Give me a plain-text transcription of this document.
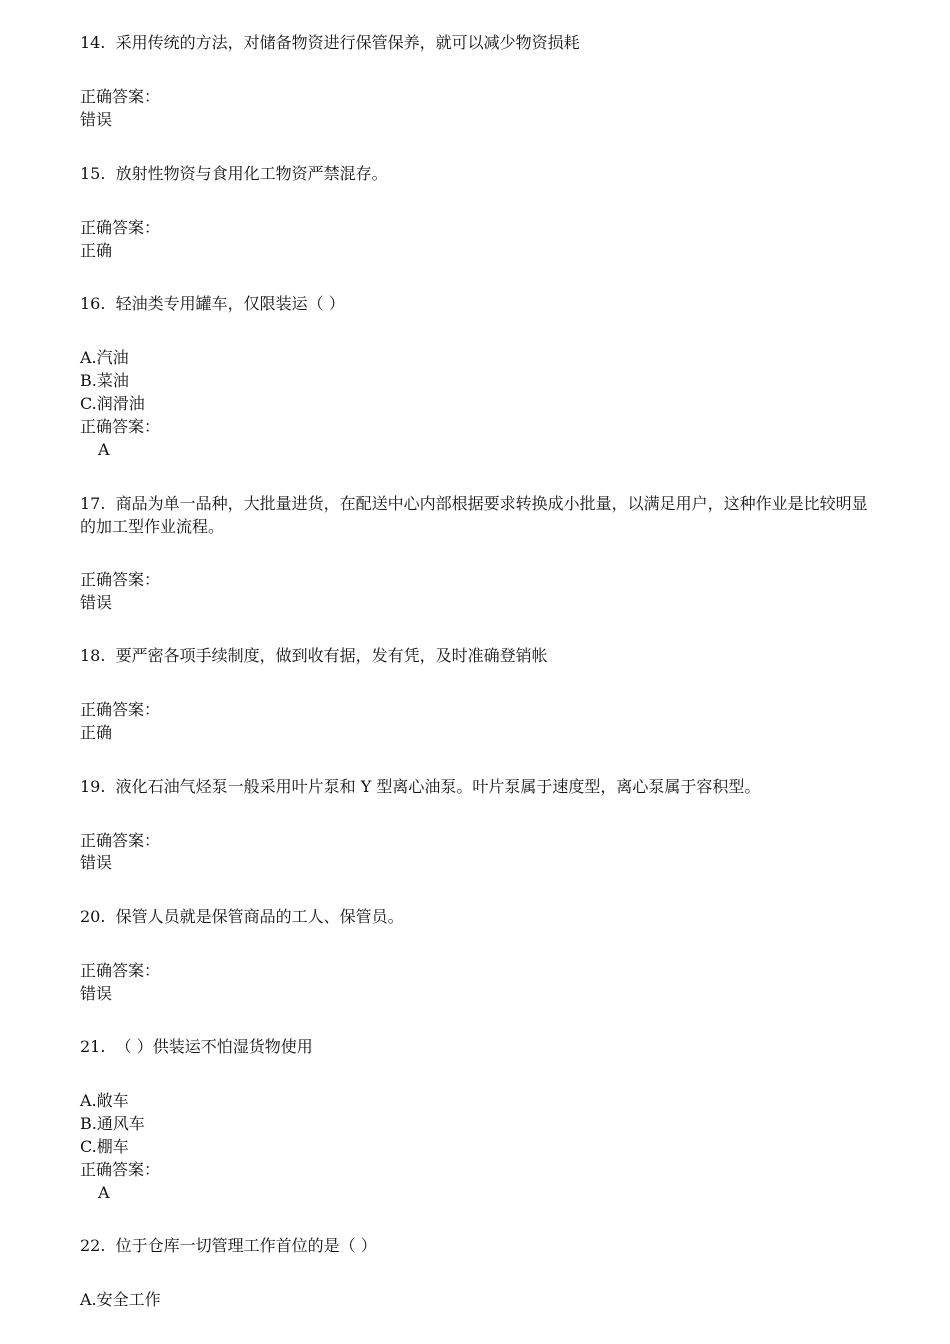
14. 采用传统的方法，对储备物资进行保管保养，就可以减少物资损耗
正确答案：
错误
15. 放射性物资与食用化工物资严禁混存。
正确答案：
正确
16. 轻油类专用罐车，仅限装运（ ）
A.汽油
B.菜油
C.润滑油
正确答案：
A
17. 商品为单一品种，大批量进货，在配送中心内部根据要求转换成小批量，以满足用户，这种作业是比较明显的加工型作业流程。
正确答案：
错误
18. 要严密各项手续制度，做到收有据，发有凭，及时准确登销帐
正确答案：
正确
19. 液化石油气烃泵一般采用叶片泵和 Y 型离心油泵。叶片泵属于速度型，离心泵属于容积型。
正确答案：
错误
20. 保管人员就是保管商品的工人、保管员。
正确答案：
错误
21. （ ）供装运不怕湿货物使用
A.敞车
B.通风车
C.棚车
正确答案：
A
22. 位于仓库一切管理工作首位的是（ ）
A.安全工作
